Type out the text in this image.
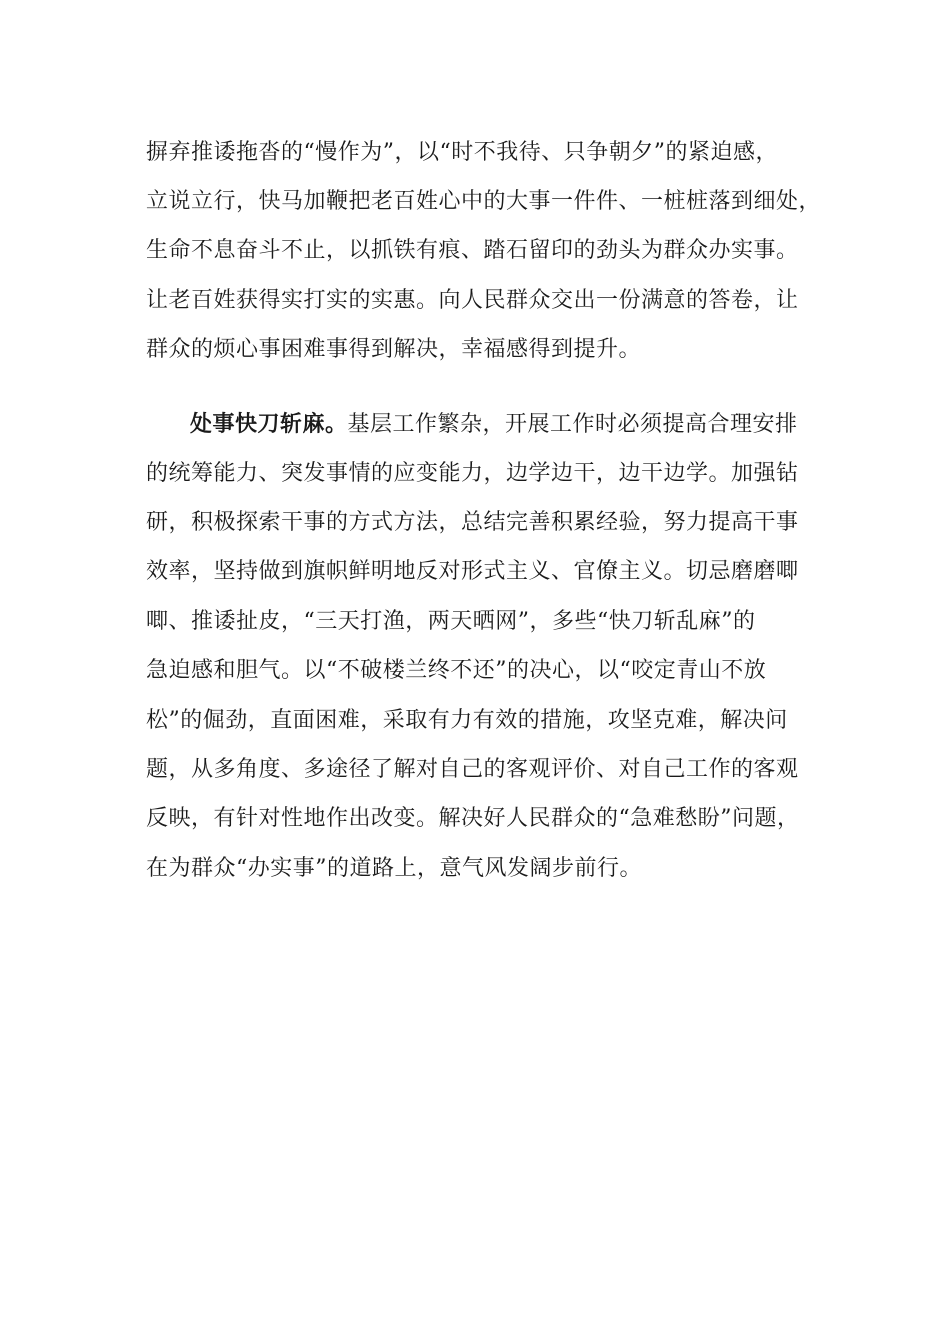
摒弃推诿拖沓的“慢作为”，以“时不我待、只争朝夕”的紧迫感，
立说立行，快马加鞭把老百姓心中的大事一件件、一桩桩落到细处，
生命不息奋斗不止，以抓铁有痕、踏石留印的劲头为群众办实事。
让老百姓获得实打实的实惠。向人民群众交出一份满意的答卷，让
群众的烦心事困难事得到解决，幸福感得到提升。
处事快刀斩麻。基层工作繁杂，开展工作时必须提高合理安排
的统筹能力、突发事情的应变能力，边学边干，边干边学。加强钻
研，积极探索干事的方式方法，总结完善积累经验，努力提高干事
效率，坚持做到旗帜鲜明地反对形式主义、官僚主义。切忌磨磨唧
唧、推诿扯皮，“三天打渔，两天晒网”，多些“快刀斩乱麻”的
急迫感和胆气。以“不破楼兰终不还”的决心，以“咬定青山不放
松”的倔劲，直面困难，采取有力有效的措施，攻坚克难，解决问
题，从多角度、多途径了解对自己的客观评价、对自己工作的客观
反映，有针对性地作出改变。解决好人民群众的“急难愁盼”问题，
在为群众“办实事”的道路上，意气风发阔步前行。
